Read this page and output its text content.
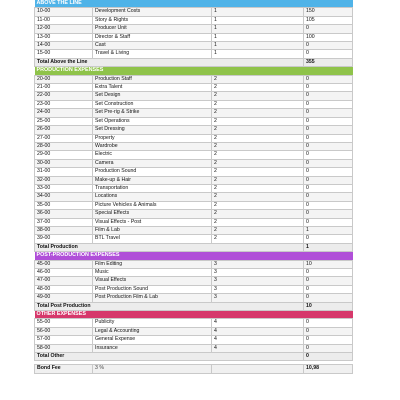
ABOVE THE LINE			
10-00	Development Costs	1	150
11-00	Story & Rights	1	105
12-00	Producer Unit	1	0
13-00	Director & Staff	1	100
14-00	Cast	1	0
15-00	Travel & Living	1	0
Total Above the Line			355
PRODUCTION EXPENSES			
20-00	Production Staff	2	0
21-00	Extra Talent	2	0
22-00	Set Design	2	0
23-00	Set Construction	2	0
24-00	Set Pre-rig & Strike	2	0
25-00	Set Operations	2	0
26-00	Set Dressing	2	0
27-00	Property	2	0
28-00	Wardrobe	2	0
29-00	Electric	2	0
30-00	Camera	2	0
31-00	Production Sound	2	0
32-00	Make-up & Hair	2	0
33-00	Transportation	2	0
34-00	Locations	2	0
35-00	Picture Vehicles & Animals	2	0
36-00	Special Effects	2	0
37-00	Visual Effects - Post	2	0
38-00	Film & Lab	2	1
39-00	BTL Travel	2	0
Total Production			1
POST-PRODUCTION EXPENSES			
45-00	Film Editing	3	10
46-00	Music	3	0
47-00	Visual Effects	3	0
48-00	Post Production Sound	3	0
49-00	Post Production Film & Lab	3	0
Total Post Production			10
OTHER EXPENSES			
55-00	Publicity	4	0
56-00	Legal & Accounting	4	0
57-00	General Expense	4	0
58-00	Insurance	4	0
Total Other			0

Bond Fee	3 %		10,98
